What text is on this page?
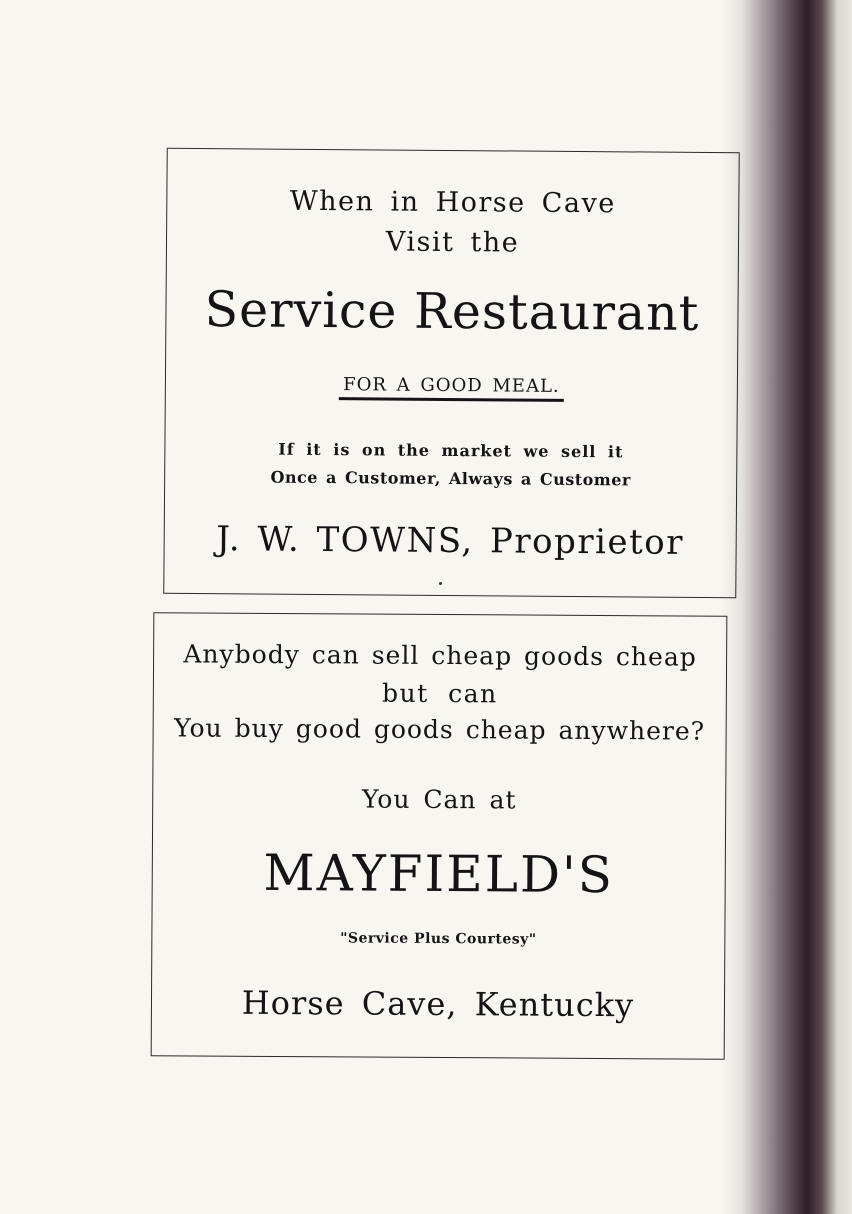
When in Horse Cave
Visit the
Service Restaurant
FOR A GOOD MEAL.
If it is on the market we sell it
Once a Customer, Always a Customer
J. W. TOWNS, Proprietor
Anybody can sell cheap goods cheap
but can
You buy good goods cheap anywhere?
You Can at
MAYFIELD'S
"Service Plus Courtesy"
Horse Cave, Kentucky
